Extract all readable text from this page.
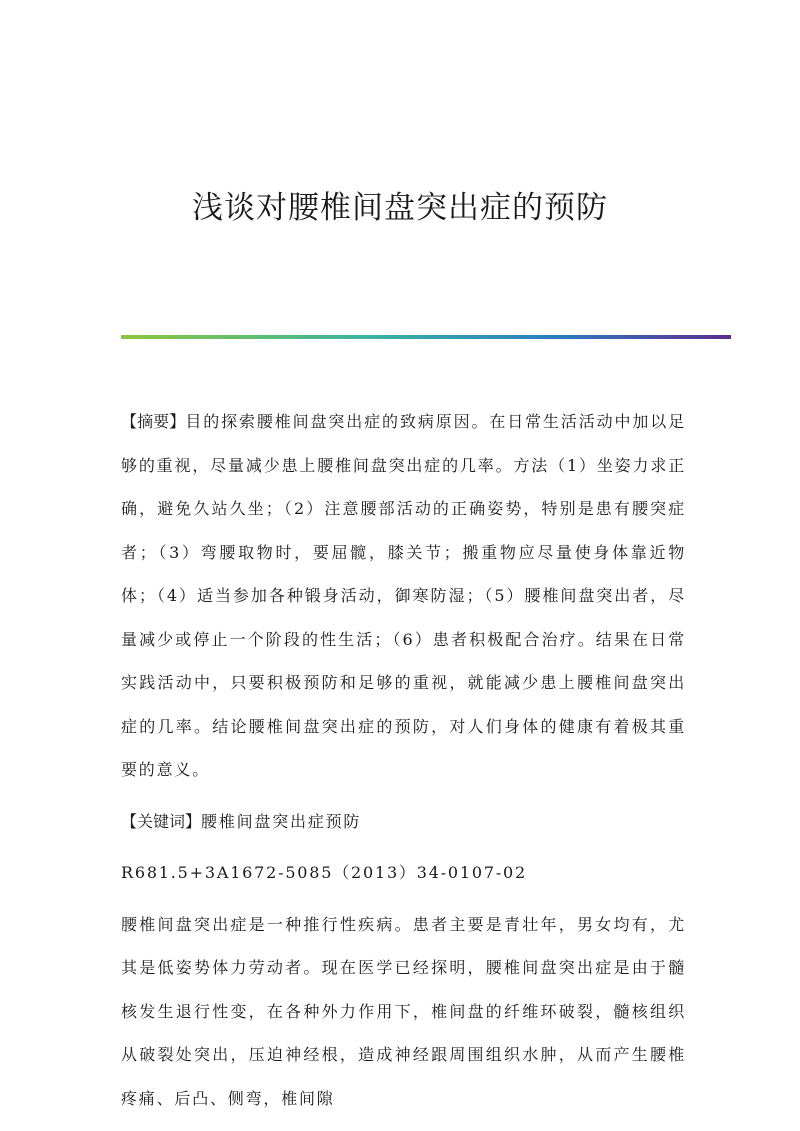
浅谈对腰椎间盘突出症的预防

【摘要】目的探索腰椎间盘突出症的致病原因。在日常生活活动中加以足够的重视，尽量减少患上腰椎间盘突出症的几率。方法（1）坐姿力求正确，避免久站久坐；（2）注意腰部活动的正确姿势，特别是患有腰突症者；（3）弯腰取物时，要屈髋，膝关节；搬重物应尽量使身体靠近物体；（4）适当参加各种锻身活动，御寒防湿；（5）腰椎间盘突出者，尽量减少或停止一个阶段的性生活；（6）患者积极配合治疗。结果在日常实践活动中，只要积极预防和足够的重视，就能减少患上腰椎间盘突出症的几率。结论腰椎间盘突出症的预防，对人们身体的健康有着极其重要的意义。

【关键词】腰椎间盘突出症预防

R681.5+3A1672-5085（2013）34-0107-02

腰椎间盘突出症是一种推行性疾病。患者主要是青壮年，男女均有，尤其是低姿势体力劳动者。现在医学已经探明，腰椎间盘突出症是由于髓核发生退行性变，在各种外力作用下，椎间盘的纤维环破裂，髓核组织从破裂处突出，压迫神经根，造成神经跟周围组织水肿，从而产生腰椎疼痛、后凸、侧弯，椎间隙
